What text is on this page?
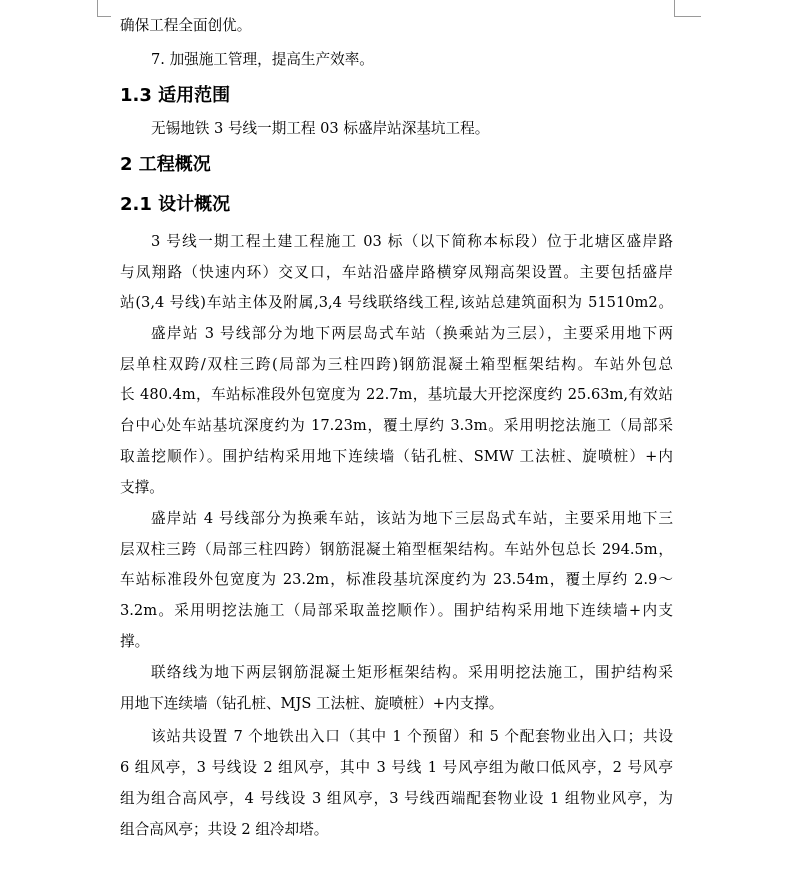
确保工程全面创优。
7. 加强施工管理，提高生产效率。
1.3 适用范围
无锡地铁 3 号线一期工程 03 标盛岸站深基坑工程。
2 工程概况
2.1 设计概况
3 号线一期工程土建工程施工 03 标（以下简称本标段）位于北塘区盛岸路
与凤翔路（快速内环）交叉口，车站沿盛岸路横穿凤翔高架设置。主要包括盛岸
站(3,4 号线)车站主体及附属,3,4 号线联络线工程,该站总建筑面积为 51510m2。
盛岸站 3 号线部分为地下两层岛式车站（换乘站为三层），主要采用地下两
层单柱双跨/双柱三跨(局部为三柱四跨)钢筋混凝土箱型框架结构。车站外包总
长 480.4m，车站标准段外包宽度为 22.7m，基坑最大开挖深度约 25.63m,有效站
台中心处车站基坑深度约为 17.23m，覆土厚约 3.3m。采用明挖法施工（局部采
取盖挖顺作）。围护结构采用地下连续墙（钻孔桩、SMW 工法桩、旋喷桩）+内
支撑。
盛岸站 4 号线部分为换乘车站，该站为地下三层岛式车站，主要采用地下三
层双柱三跨（局部三柱四跨）钢筋混凝土箱型框架结构。车站外包总长 294.5m，
车站标准段外包宽度为 23.2m，标准段基坑深度约为 23.54m，覆土厚约 2.9～
3.2m。采用明挖法施工（局部采取盖挖顺作）。围护结构采用地下连续墙+内支
撑。
联络线为地下两层钢筋混凝土矩形框架结构。采用明挖法施工，围护结构采
用地下连续墙（钻孔桩、MJS 工法桩、旋喷桩）+内支撑。
该站共设置 7 个地铁出入口（其中 1 个预留）和 5 个配套物业出入口；共设
6 组风亭，3 号线设 2 组风亭，其中 3 号线 1 号风亭组为敞口低风亭，2 号风亭
组为组合高风亭，4 号线设 3 组风亭，3 号线西端配套物业设 1 组物业风亭，为
组合高风亭；共设 2 组冷却塔。
